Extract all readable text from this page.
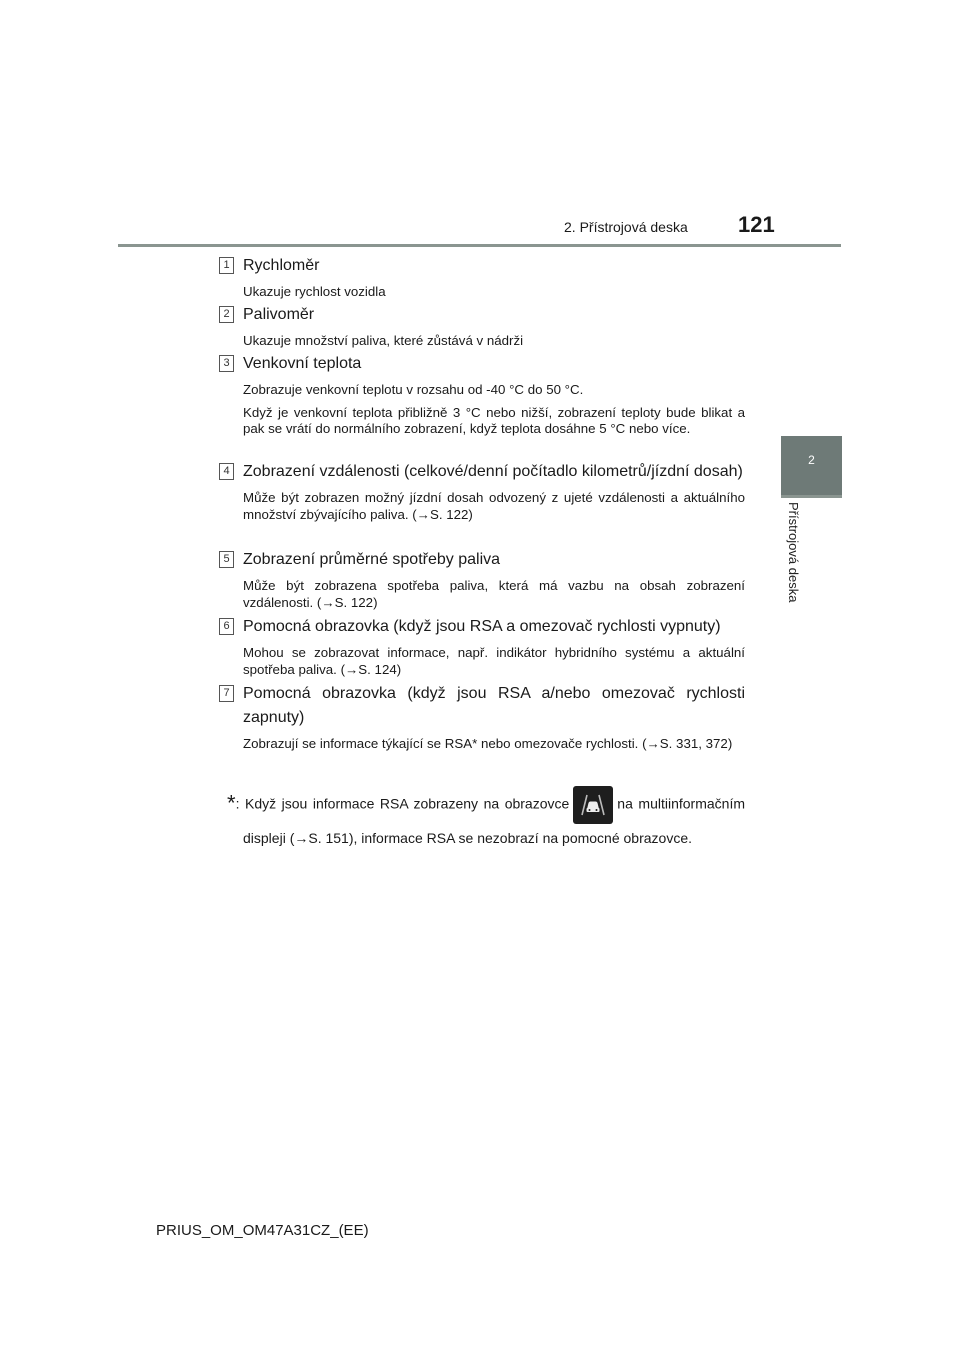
2. Přístrojová deska 121
2
Přístrojová deska
1 Rychloměr
Ukazuje rychlost vozidla
2 Palivoměr
Ukazuje množství paliva, které zůstává v nádrži
3 Venkovní teplota
Zobrazuje venkovní teplotu v rozsahu od -40 °C do 50 °C.
Když je venkovní teplota přibližně 3 °C nebo nižší, zobrazení teploty bude blikat a pak se vrátí do normálního zobrazení, když teplota dosáhne 5 °C nebo více.
4 Zobrazení vzdálenosti (celkové/denní počítadlo kilometrů/jízdní dosah)
Může být zobrazen možný jízdní dosah odvozený z ujeté vzdálenosti a aktuálního množství zbývajícího paliva. (→S. 122)
5 Zobrazení průměrné spotřeby paliva
Může být zobrazena spotřeba paliva, která má vazbu na obsah zobrazení vzdálenosti. (→S. 122)
6 Pomocná obrazovka (když jsou RSA a omezovač rychlosti vypnuty)
Mohou se zobrazovat informace, např. indikátor hybridního systému a aktuální spotřeba paliva. (→S. 124)
7 Pomocná obrazovka (když jsou RSA a/nebo omezovač rychlosti zapnuty)
Zobrazují se informace týkající se RSA* nebo omezovače rychlosti. (→S. 331, 372)
*: Když jsou informace RSA zobrazeny na obrazovce	na multiinformačním displeji (→S. 151), informace RSA se nezobrazí na pomocné obrazovce.
PRIUS_OM_OM47A31CZ_(EE)
